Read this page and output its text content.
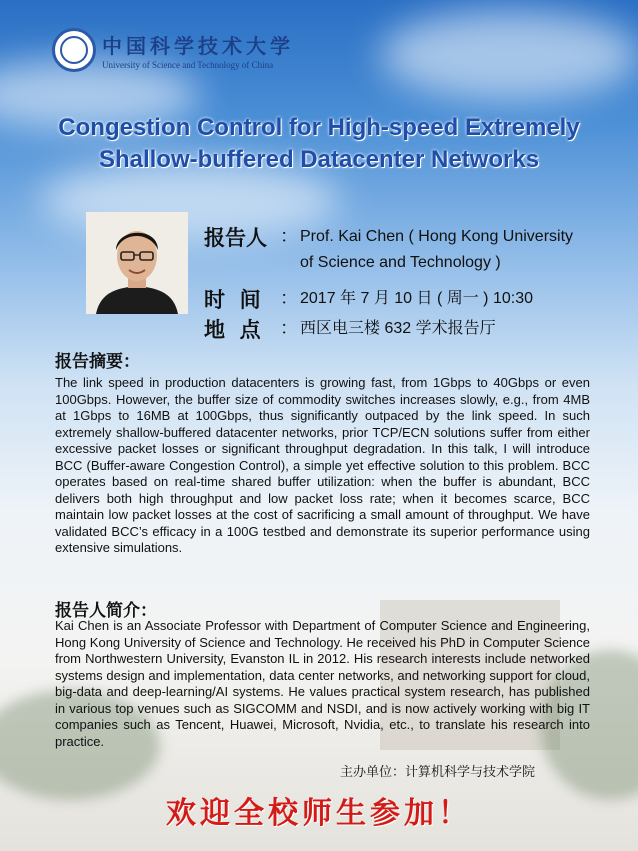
中国科学技术大学
University of Science and Technology of China
Congestion Control for High-speed Extremely
Shallow-buffered Datacenter Networks
报告人 ： Prof. Kai Chen ( Hong Kong University
of Science and Technology )
时  间	： 2017 年 7 月 10 日 ( 周一 ) 10:30
地  点	： 西区电三楼 632 学术报告厅
报告摘要：
The link speed in production datacenters is growing fast, from 1Gbps to 40Gbps or even 100Gbps. However, the buffer size of commodity switches increases slowly, e.g., from 4MB at 1Gbps to 16MB at 100Gbps, thus significantly outpaced by the link speed. In such extremely shallow-buffered datacenter networks, prior TCP/ECN solutions suffer from either excessive packet losses or significant throughput degradation. In this talk, I will introduce BCC (Buffer-aware Congestion Control), a simple yet effective solution to this problem. BCC operates based on real-time shared buffer utilization: when the buffer is abundant, BCC delivers both high throughput and low packet loss rate; when it becomes scarce, BCC maintain low packet losses at the cost of sacrificing a small amount of throughput. We have validated BCC’s efficacy in a 100G testbed and demonstrate its superior performance using extensive simulations.
报告人简介：
Kai Chen is an Associate Professor with Department of Computer Science and Engineering, Hong Kong University of Science and Technology. He received his PhD in Computer Science from Northwestern University, Evanston IL in 2012. His research interests include networked systems design and implementation, data center networks, and networking support for cloud, big-data and deep-learning/AI systems. He values practical system research, has published in various top venues such as SIGCOMM and NSDI, and is now actively working with big IT companies such as Tencent, Huawei, Microsoft, Nvidia, etc., to translate his research into practice.
主办单位：计算机科学与技术学院
欢迎全校师生参加！
